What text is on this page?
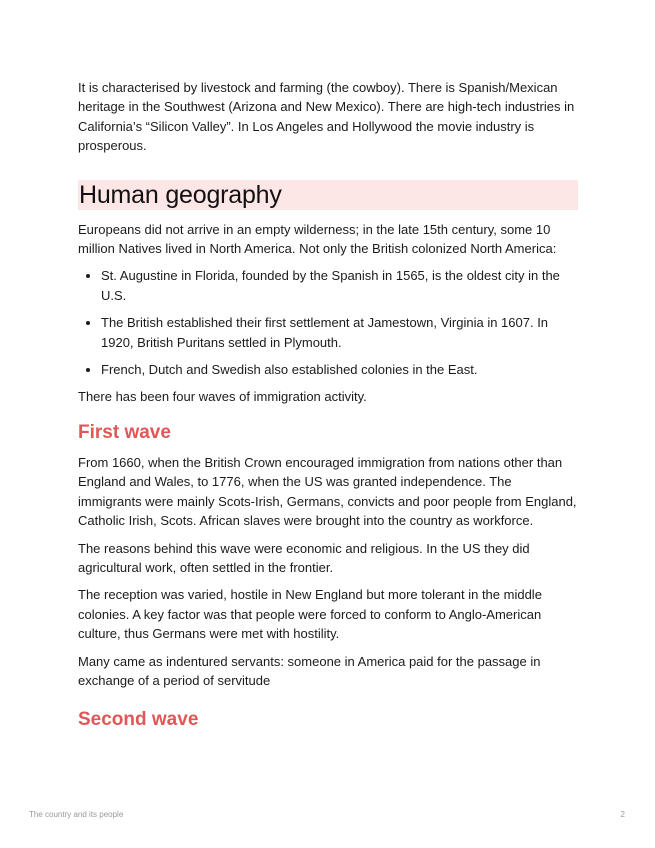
It is characterised by livestock and farming (the cowboy). There is Spanish/Mexican heritage in the Southwest (Arizona and New Mexico). There are high-tech industries in California’s “Silicon Valley”. In Los Angeles and Hollywood the movie industry is prosperous.

Human geography

Europeans did not arrive in an empty wilderness; in the late 15th century, some 10 million Natives lived in North America. Not only the British colonized North America:

• St. Augustine in Florida, founded by the Spanish in 1565, is the oldest city in the U.S.
• The British established their first settlement at Jamestown, Virginia in 1607. In 1920, British Puritans settled in Plymouth.
• French, Dutch and Swedish also established colonies in the East.

There has been four waves of immigration activity.

First wave

From 1660, when the British Crown encouraged immigration from nations other than England and Wales, to 1776, when the US was granted independence. The immigrants were mainly Scots-Irish, Germans, convicts and poor people from England, Catholic Irish, Scots. African slaves were brought into the country as workforce.

The reasons behind this wave were economic and religious. In the US they did agricultural work, often settled in the frontier.

The reception was varied, hostile in New England but more tolerant in the middle colonies. A key factor was that people were forced to conform to Anglo-American culture, thus Germans were met with hostility.

Many came as indentured servants: someone in America paid for the passage in exchange of a period of servitude

Second wave
The country and its people	2
